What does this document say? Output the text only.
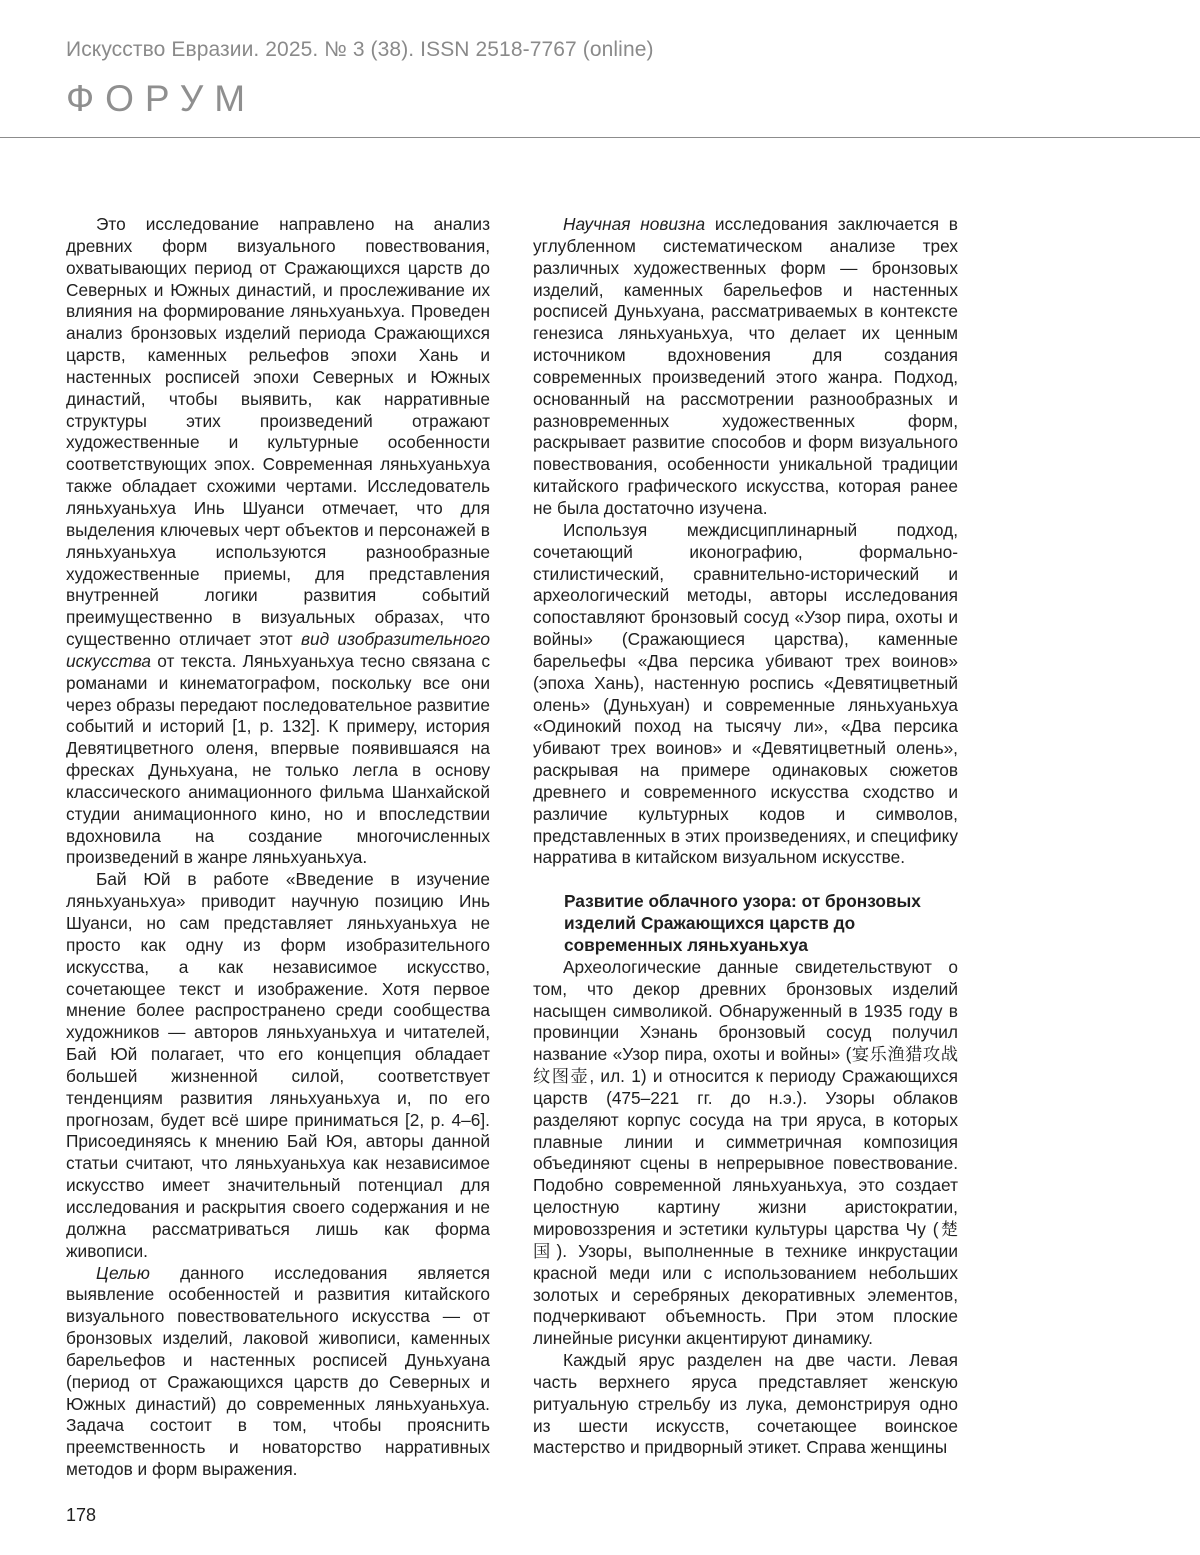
Искусство Евразии. 2025. № 3 (38). ISSN 2518-7767 (online)

ФОРУМ

Это исследование направлено на анализ древних форм визуального повествования, охватывающих период от Сражающихся царств до Северных и Южных династий, и прослеживание их влияния на формирование ляньхуаньхуа. Проведен анализ бронзовых изделий периода Сражающихся царств, каменных рельефов эпохи Хань и настенных росписей эпохи Северных и Южных династий, чтобы выявить, как нарративные структуры этих произведений отражают художественные и культурные особенности соответствующих эпох. Современная ляньхуаньхуа также обладает схожими чертами. Исследователь ляньхуаньхуа Инь Шуанси отмечает, что для выделения ключевых черт объектов и персонажей в ляньхуаньхуа используются разнообразные художественные приемы, для представления внутренней логики развития событий преимущественно в визуальных образах, что существенно отличает этот вид изобразительного искусства от текста. Ляньхуаньхуа тесно связана с романами и кинематографом, поскольку все они через образы передают последовательное развитие событий и историй [1, p. 132]. К примеру, история Девятицветного оленя, впервые появившаяся на фресках Дуньхуана, не только легла в основу классического анимационного фильма Шанхайской студии анимационного кино, но и впоследствии вдохновила на создание многочисленных произведений в жанре ляньхуаньхуа.

Бай Юй в работе «Введение в изучение ляньхуаньхуа» приводит научную позицию Инь Шуанси, но сам представляет ляньхуаньхуа не просто как одну из форм изобразительного искусства, а как независимое искусство, сочетающее текст и изображение. Хотя первое мнение более распространено среди сообщества художников — авторов ляньхуаньхуа и читателей, Бай Юй полагает, что его концепция обладает большей жизненной силой, соответствует тенденциям развития ляньхуаньхуа и, по его прогнозам, будет всё шире приниматься [2, p. 4–6]. Присоединяясь к мнению Бай Юя, авторы данной статьи считают, что ляньхуаньхуа как независимое искусство имеет значительный потенциал для исследования и раскрытия своего содержания и не должна рассматриваться лишь как форма живописи.

Целью данного исследования является выявление особенностей и развития китайского визуального повествовательного искусства — от бронзовых изделий, лаковой живописи, каменных барельефов и настенных росписей Дуньхуана (период от Сражающихся царств до Северных и Южных династий) до современных ляньхуаньхуа. Задача состоит в том, чтобы прояснить преемственность и новаторство нарративных методов и форм выражения.

Научная новизна исследования заключается в углубленном систематическом анализе трех различных художественных форм — бронзовых изделий, каменных барельефов и настенных росписей Дуньхуана, рассматриваемых в контексте генезиса ляньхуаньхуа, что делает их ценным источником вдохновения для создания современных произведений этого жанра. Подход, основанный на рассмотрении разнообразных и разновременных художественных форм, раскрывает развитие способов и форм визуального повествования, особенности уникальной традиции китайского графического искусства, которая ранее не была достаточно изучена.

Используя междисциплинарный подход, сочетающий иконографию, формально-стилистический, сравнительно-исторический и археологический методы, авторы исследования сопоставляют бронзовый сосуд «Узор пира, охоты и войны» (Сражающиеся царства), каменные барельефы «Два персика убивают трех воинов» (эпоха Хань), настенную роспись «Девятицветный олень» (Дуньхуан) и современные ляньхуаньхуа «Одинокий поход на тысячу ли», «Два персика убивают трех воинов» и «Девятицветный олень», раскрывая на примере одинаковых сюжетов древнего и современного искусства сходство и различие культурных кодов и символов, представленных в этих произведениях, и специфику нарратива в китайском визуальном искусстве.

Развитие облачного узора: от бронзовых изделий Сражающихся царств до современных ляньхуаньхуа

Археологические данные свидетельствуют о том, что декор древних бронзовых изделий насыщен символикой. Обнаруженный в 1935 году в провинции Хэнань бронзовый сосуд получил название «Узор пира, охоты и войны» (宴乐渔猎攻战纹图壶, ил. 1) и относится к периоду Сражающихся царств (475–221 гг. до н.э.). Узоры облаков разделяют корпус сосуда на три яруса, в которых плавные линии и симметричная композиция объединяют сцены в непрерывное повествование. Подобно современной ляньхуаньхуа, это создает целостную картину жизни аристократии, мировоззрения и эстетики культуры царства Чу (楚国). Узоры, выполненные в технике инкрустации красной меди или с использованием небольших золотых и серебряных декоративных элементов, подчеркивают объемность. При этом плоские линейные рисунки акцентируют динамику.

Каждый ярус разделен на две части. Левая часть верхнего яруса представляет женскую ритуальную стрельбу из лука, демонстрируя одно из шести искусств, сочетающее воинское мастерство и придворный этикет. Справа женщины

178
